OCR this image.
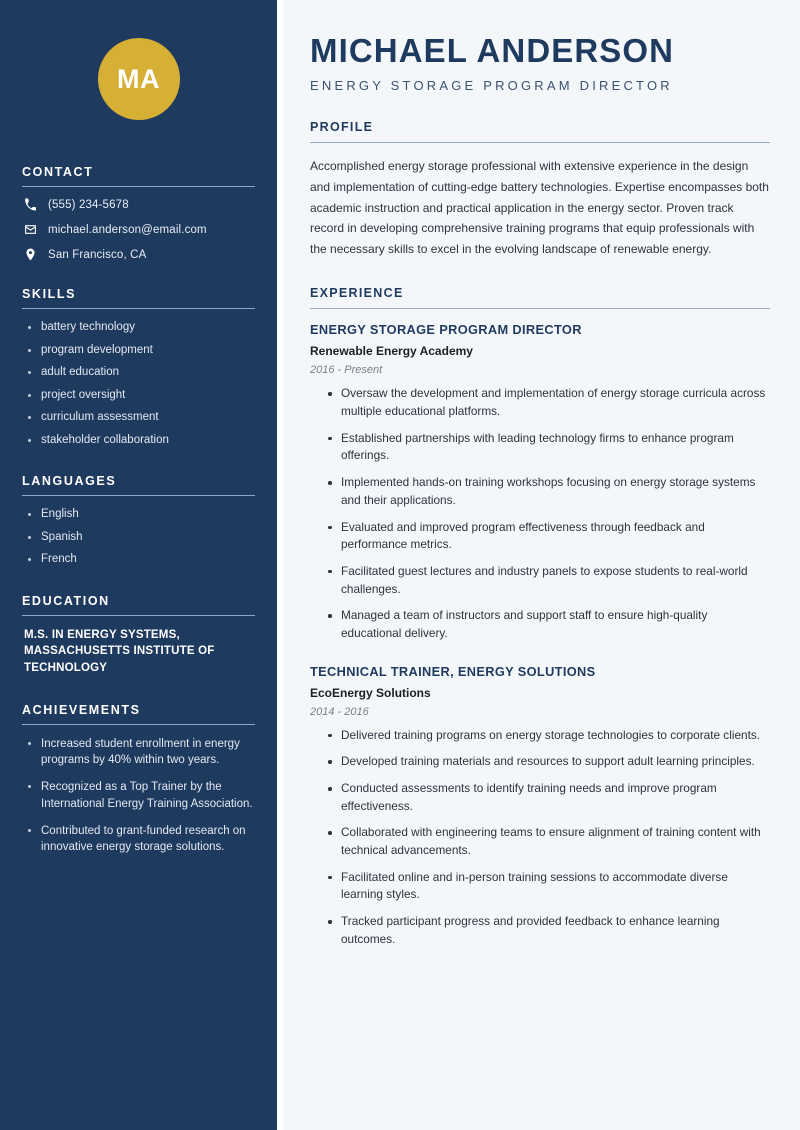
MA
CONTACT
(555) 234-5678
michael.anderson@email.com
San Francisco, CA
SKILLS
battery technology
program development
adult education
project oversight
curriculum assessment
stakeholder collaboration
LANGUAGES
English
Spanish
French
EDUCATION
M.S. IN ENERGY SYSTEMS, MASSACHUSETTS INSTITUTE OF TECHNOLOGY
ACHIEVEMENTS
Increased student enrollment in energy programs by 40% within two years.
Recognized as a Top Trainer by the International Energy Training Association.
Contributed to grant-funded research on innovative energy storage solutions.
MICHAEL ANDERSON
ENERGY STORAGE PROGRAM DIRECTOR
PROFILE

Accomplished energy storage professional with extensive experience in the design and implementation of cutting-edge battery technologies. Expertise encompasses both academic instruction and practical application in the energy sector. Proven track record in developing comprehensive training programs that equip professionals with the necessary skills to excel in the evolving landscape of renewable energy.

EXPERIENCE
ENERGY STORAGE PROGRAM DIRECTOR
Renewable Energy Academy
2016 - Present
Oversaw the development and implementation of energy storage curricula across multiple educational platforms.
Established partnerships with leading technology firms to enhance program offerings.
Implemented hands-on training workshops focusing on energy storage systems and their applications.
Evaluated and improved program effectiveness through feedback and performance metrics.
Facilitated guest lectures and industry panels to expose students to real-world challenges.
Managed a team of instructors and support staff to ensure high-quality educational delivery.
TECHNICAL TRAINER, ENERGY SOLUTIONS
EcoEnergy Solutions
2014 - 2016
Delivered training programs on energy storage technologies to corporate clients.
Developed training materials and resources to support adult learning principles.
Conducted assessments to identify training needs and improve program effectiveness.
Collaborated with engineering teams to ensure alignment of training content with technical advancements.
Facilitated online and in-person training sessions to accommodate diverse learning styles.
Tracked participant progress and provided feedback to enhance learning outcomes.
